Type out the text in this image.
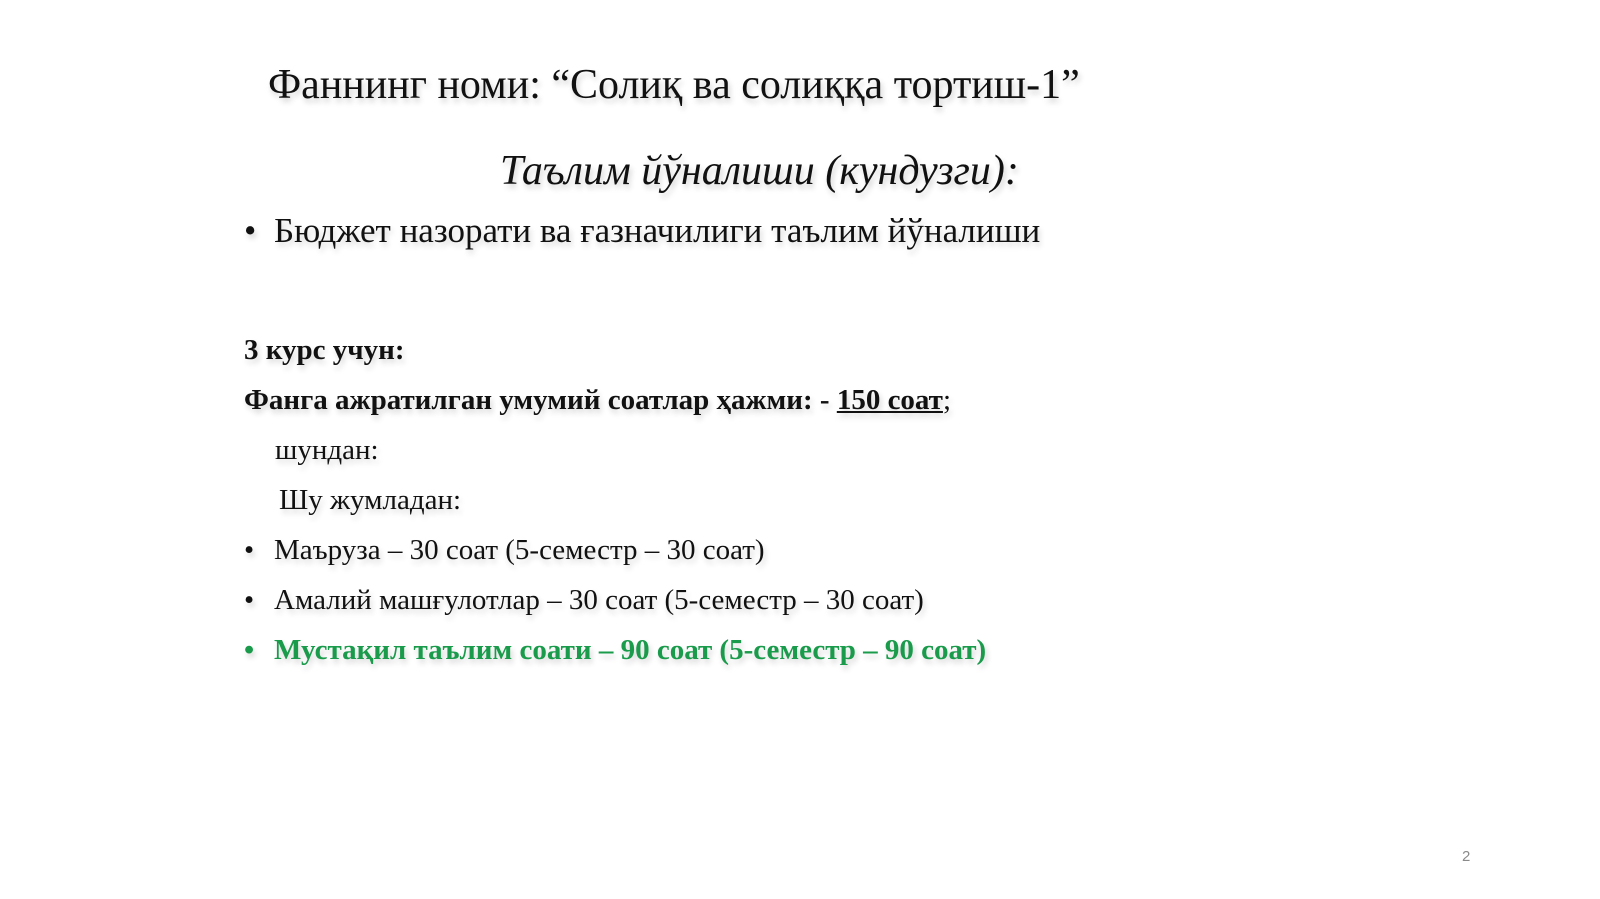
Фаннинг номи: “Солиқ ва солиққа тортиш-1”
Таълим йўналиши (кундузги):
• Бюджет назорати ва ғазначилиги таълим йўналиши
3 курс учун:
Фанга ажратилган умумий соатлар ҳажми: - 150 соат;
шундан:
Шу жумладан:
• Маъруза – 30 соат (5-семестр – 30 соат)
• Амалий машғулотлар – 30 соат (5-семестр – 30 соат)
• Мустақил таълим соати – 90 соат (5-семестр – 90 соат)
2
